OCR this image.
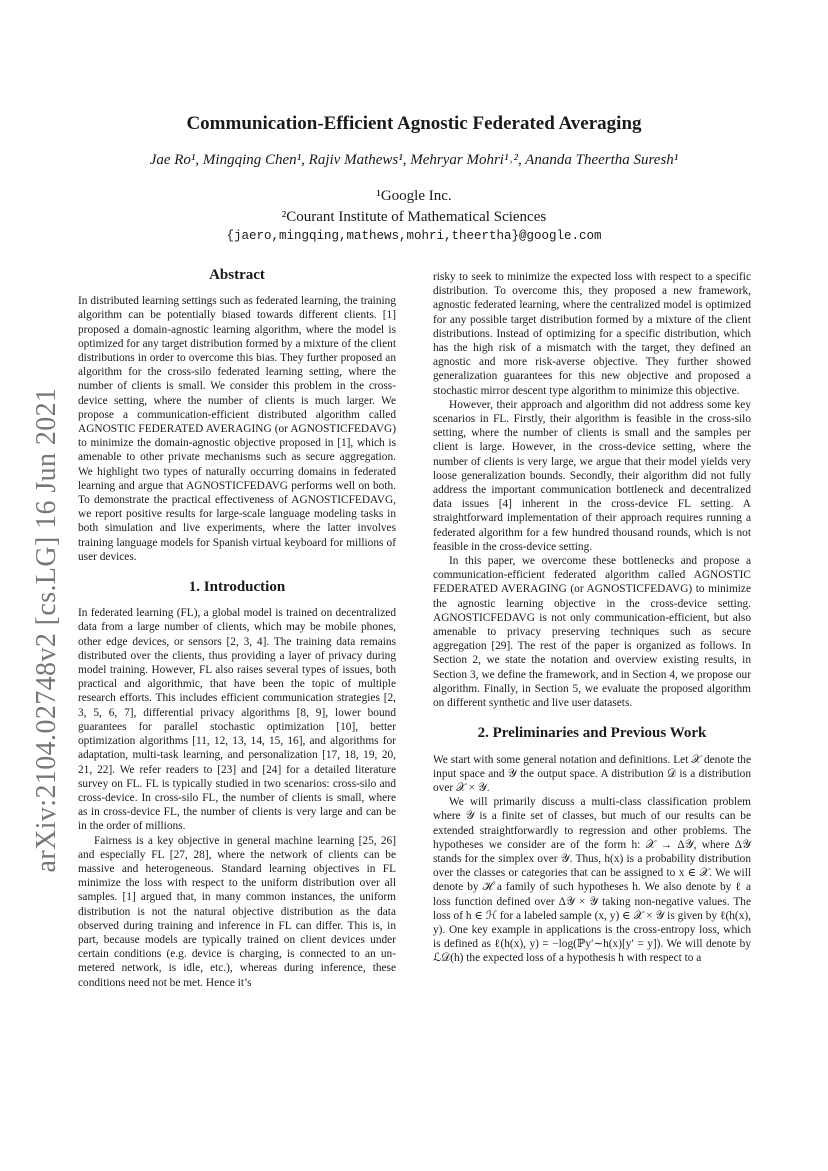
arXiv:2104.02748v2 [cs.LG] 16 Jun 2021
Communication-Efficient Agnostic Federated Averaging
Jae Ro¹, Mingqing Chen¹, Rajiv Mathews¹, Mehryar Mohri¹˒², Ananda Theertha Suresh¹
¹Google Inc.
²Courant Institute of Mathematical Sciences
{jaero,mingqing,mathews,mohri,theertha}@google.com
Abstract

In distributed learning settings such as federated learning, the training algorithm can be potentially biased towards different clients. [1] proposed a domain-agnostic learning algorithm, where the model is optimized for any target distribution formed by a mixture of the client distributions in order to overcome this bias. They further proposed an algorithm for the cross-silo federated learning setting, where the number of clients is small. We consider this problem in the cross-device setting, where the number of clients is much larger. We propose a communication-efficient distributed algorithm called AGNOSTIC FEDERATED AVERAGING (or AGNOSTICFEDAVG) to minimize the domain-agnostic objective proposed in [1], which is amenable to other private mechanisms such as secure aggregation. We highlight two types of naturally occurring domains in federated learning and argue that AGNOSTICFEDAVG performs well on both. To demonstrate the practical effectiveness of AGNOSTICFEDAVG, we report positive results for large-scale language modeling tasks in both simulation and live experiments, where the latter involves training language models for Spanish virtual keyboard for millions of user devices.

1. Introduction

In federated learning (FL), a global model is trained on decentralized data from a large number of clients, which may be mobile phones, other edge devices, or sensors [2, 3, 4]. The training data remains distributed over the clients, thus providing a layer of privacy during model training. However, FL also raises several types of issues, both practical and algorithmic, that have been the topic of multiple research efforts. This includes efficient communication strategies [2, 3, 5, 6, 7], differential privacy algorithms [8, 9], lower bound guarantees for parallel stochastic optimization [10], better optimization algorithms [11, 12, 13, 14, 15, 16], and algorithms for adaptation, multi-task learning, and personalization [17, 18, 19, 20, 21, 22]. We refer readers to [23] and [24] for a detailed literature survey on FL. FL is typically studied in two scenarios: cross-silo and cross-device. In cross-silo FL, the number of clients is small, where as in cross-device FL, the number of clients is very large and can be in the order of millions.

Fairness is a key objective in general machine learning [25, 26] and especially FL [27, 28], where the network of clients can be massive and heterogeneous. Standard learning objectives in FL minimize the loss with respect to the uniform distribution over all samples. [1] argued that, in many common instances, the uniform distribution is not the natural objective distribution as the data observed during training and inference in FL can differ. This is, in part, because models are typically trained on client devices under certain conditions (e.g. device is charging, is connected to an un-metered network, is idle, etc.), whereas during inference, these conditions need not be met. Hence it’s

risky to seek to minimize the expected loss with respect to a specific distribution. To overcome this, they proposed a new framework, agnostic federated learning, where the centralized model is optimized for any possible target distribution formed by a mixture of the client distributions. Instead of optimizing for a specific distribution, which has the high risk of a mismatch with the target, they defined an agnostic and more risk-averse objective. They further showed generalization guarantees for this new objective and proposed a stochastic mirror descent type algorithm to minimize this objective.

However, their approach and algorithm did not address some key scenarios in FL. Firstly, their algorithm is feasible in the cross-silo setting, where the number of clients is small and the samples per client is large. However, in the cross-device setting, where the number of clients is very large, we argue that their model yields very loose generalization bounds. Secondly, their algorithm did not fully address the important communication bottleneck and decentralized data issues [4] inherent in the cross-device FL setting. A straightforward implementation of their approach requires running a federated algorithm for a few hundred thousand rounds, which is not feasible in the cross-device setting.

In this paper, we overcome these bottlenecks and propose a communication-efficient federated algorithm called AGNOSTIC FEDERATED AVERAGING (or AGNOSTICFEDAVG) to minimize the agnostic learning objective in the cross-device setting. AGNOSTICFEDAVG is not only communication-efficient, but also amenable to privacy preserving techniques such as secure aggregation [29]. The rest of the paper is organized as follows. In Section 2, we state the notation and overview existing results, in Section 3, we define the framework, and in Section 4, we propose our algorithm. Finally, in Section 5, we evaluate the proposed algorithm on different synthetic and live user datasets.

2. Preliminaries and Previous Work

We start with some general notation and definitions. Let 𝒳 denote the input space and 𝒴 the output space. A distribution 𝒟 is a distribution over 𝒳 × 𝒴.

We will primarily discuss a multi-class classification problem where 𝒴 is a finite set of classes, but much of our results can be extended straightforwardly to regression and other problems. The hypotheses we consider are of the form h: 𝒳 → Δ𝒴, where Δ𝒴 stands for the simplex over 𝒴. Thus, h(x) is a probability distribution over the classes or categories that can be assigned to x ∈ 𝒳. We will denote by ℋ a family of such hypotheses h. We also denote by ℓ a loss function defined over Δ𝒴 × 𝒴 taking non-negative values. The loss of h ∈ ℋ for a labeled sample (x, y) ∈ 𝒳 × 𝒴 is given by ℓ(h(x), y). One key example in applications is the cross-entropy loss, which is defined as ℓ(h(x), y) = −log(ℙy′∼h(x)[y′ = y]). We will denote by ℒ𝒟(h) the expected loss of a hypothesis h with respect to a
